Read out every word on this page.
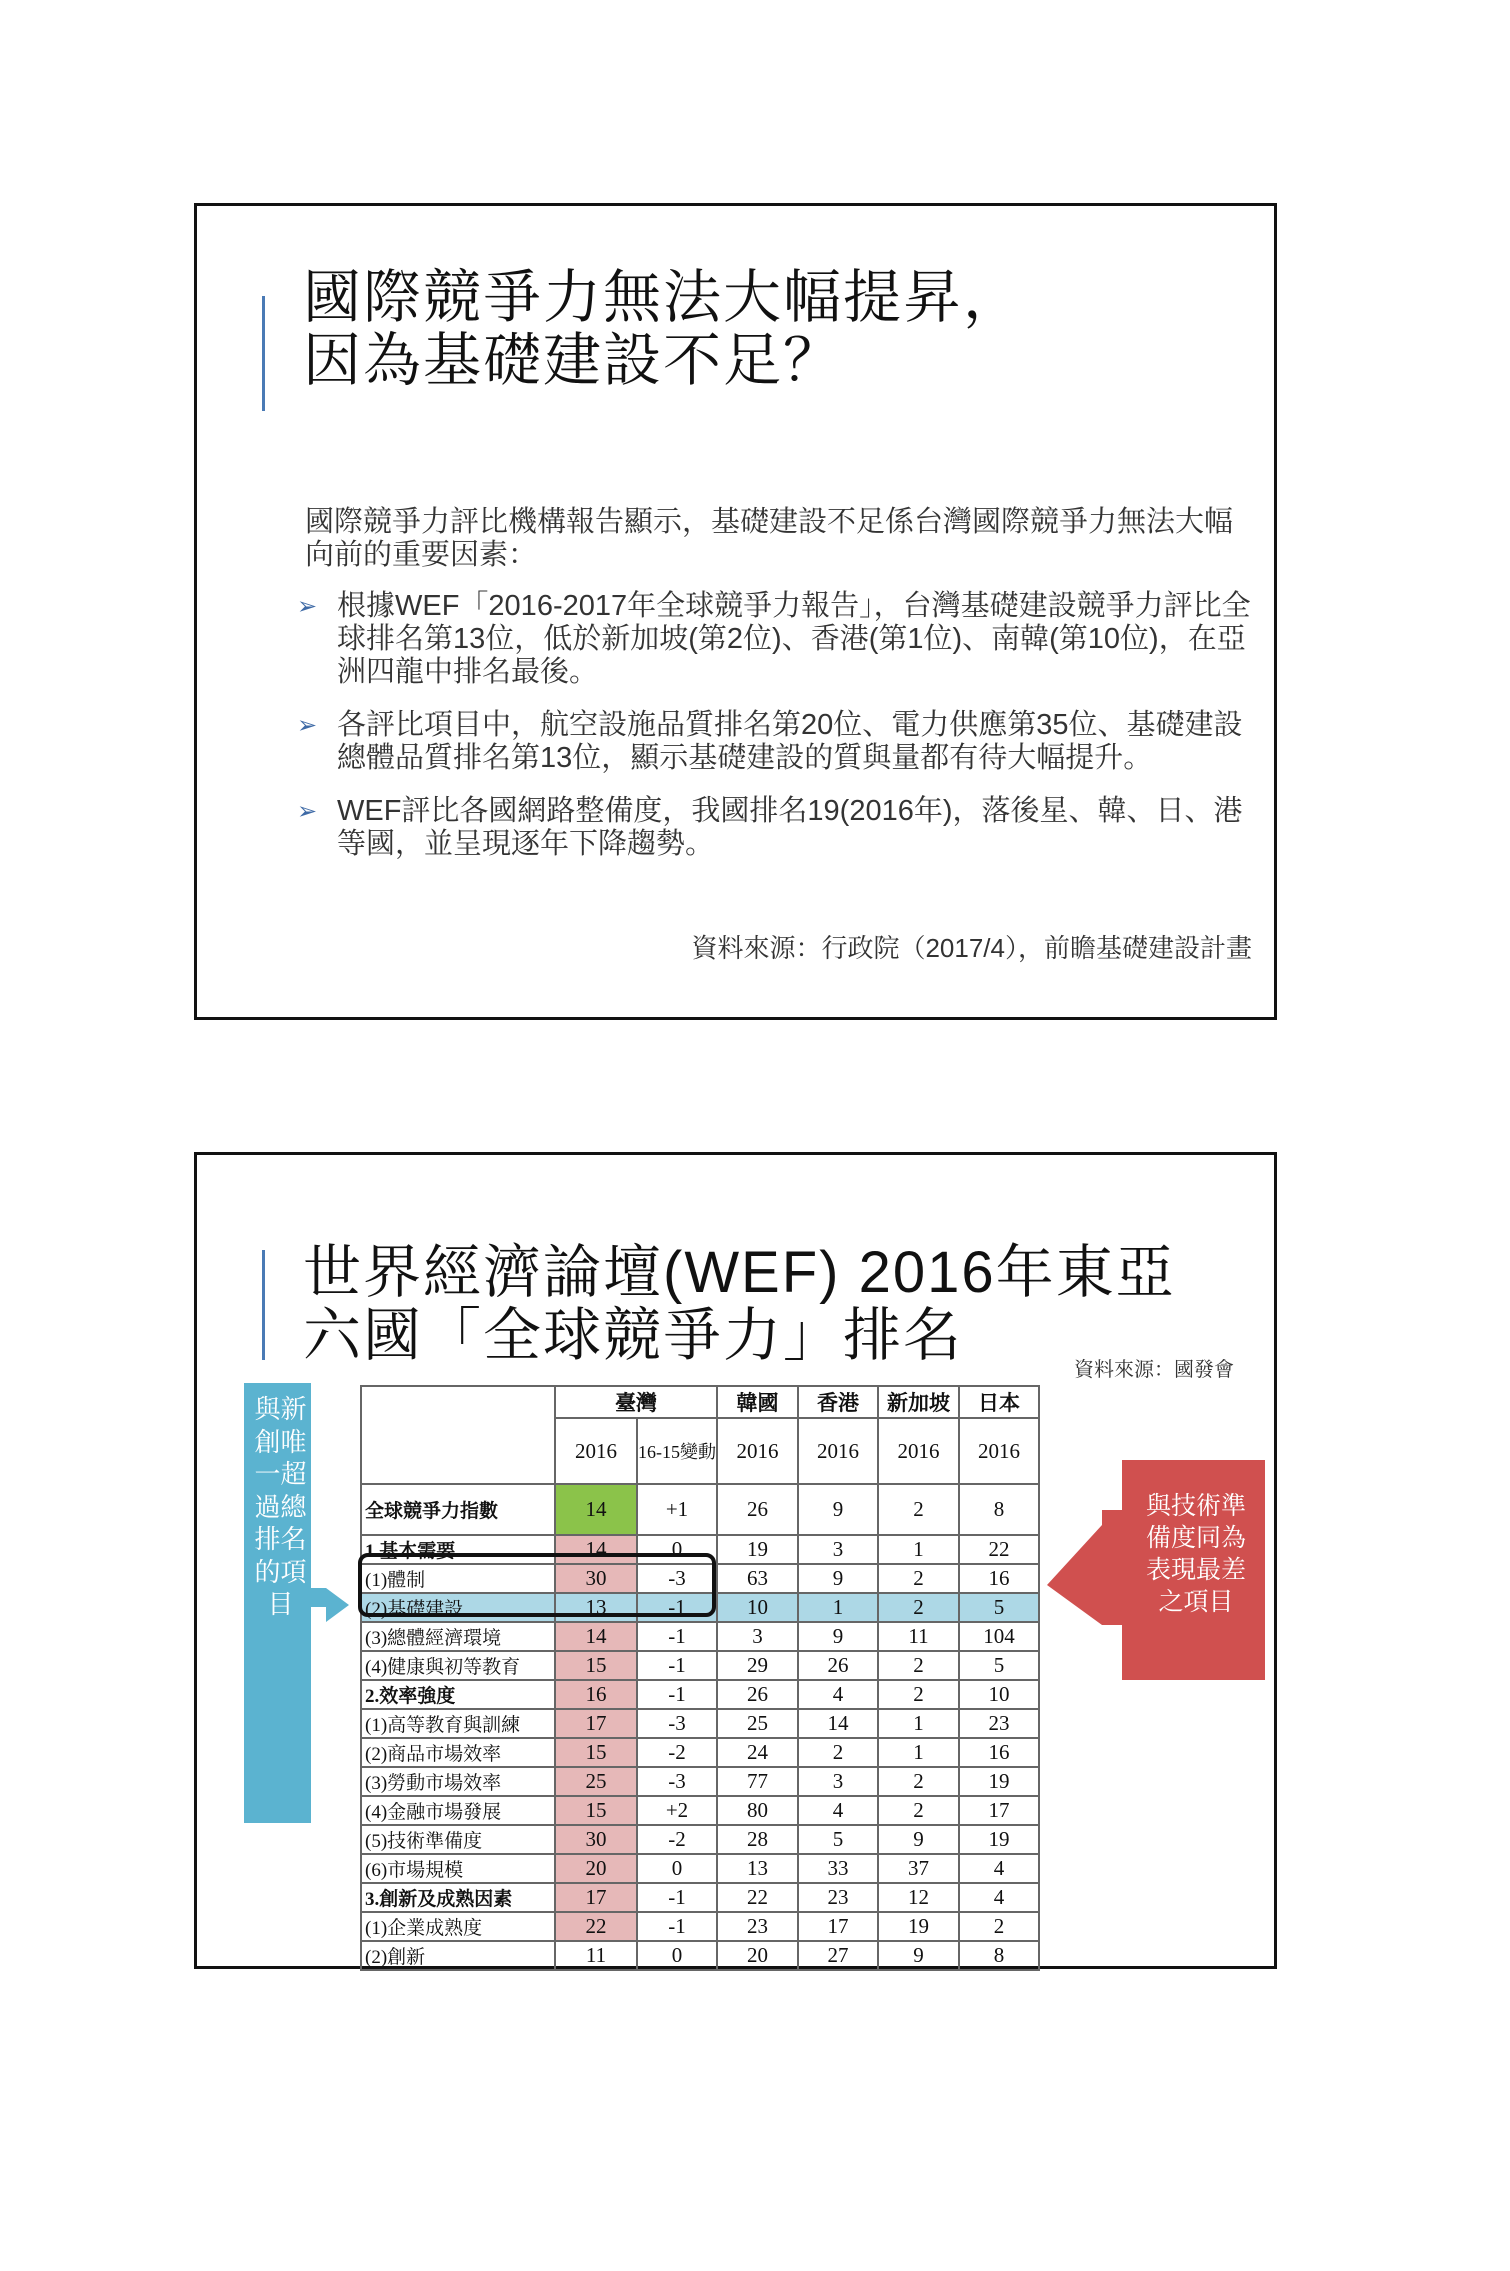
國際競爭力無法大幅提昇，
因為基礎建設不足？
國際競爭力評比機構報告顯示，基礎建設不足係台灣國際競爭力無法大幅向前的重要因素：
➢ 根據WEF「2016-2017年全球競爭力報告」，台灣基礎建設競爭力評比全球排名第13位，低於新加坡(第2位)、香港(第1位)、南韓(第10位)，在亞洲四龍中排名最後。
➢ 各評比項目中，航空設施品質排名第20位、電力供應第35位、基礎建設總體品質排名第13位，顯示基礎建設的質與量都有待大幅提升。
➢ WEF評比各國網路整備度，我國排名19(2016年)，落後星、韓、日、港等國，並呈現逐年下降趨勢。
資料來源：行政院（2017/4），前瞻基礎建設計畫
世界經濟論壇(WEF) 2016年東亞
六國「全球競爭力」排名
資料來源：國發會
與新創唯一超過總排名的項目
與技術準
備度同為
表現最差
之項目
	臺灣		韓國	香港	新加坡	日本
	2016	16-15變動	2016	2016	2016	2016
全球競爭力指數	14	+1	26	9	2	8
1.基本需要	14	0	19	3	1	22
(1)體制	30	-3	63	9	2	16
(2)基礎建設	13	-1	10	1	2	5
(3)總體經濟環境	14	-1	3	9	11	104
(4)健康與初等教育	15	-1	29	26	2	5
2.效率強度	16	-1	26	4	2	10
(1)高等教育與訓練	17	-3	25	14	1	23
(2)商品市場效率	15	-2	24	2	1	16
(3)勞動市場效率	25	-3	77	3	2	19
(4)金融市場發展	15	+2	80	4	2	17
(5)技術準備度	30	-2	28	5	9	19
(6)市場規模	20	0	13	33	37	4
3.創新及成熟因素	17	-1	22	23	12	4
(1)企業成熟度	22	-1	23	17	19	2
(2)創新	11	0	20	27	9	8
